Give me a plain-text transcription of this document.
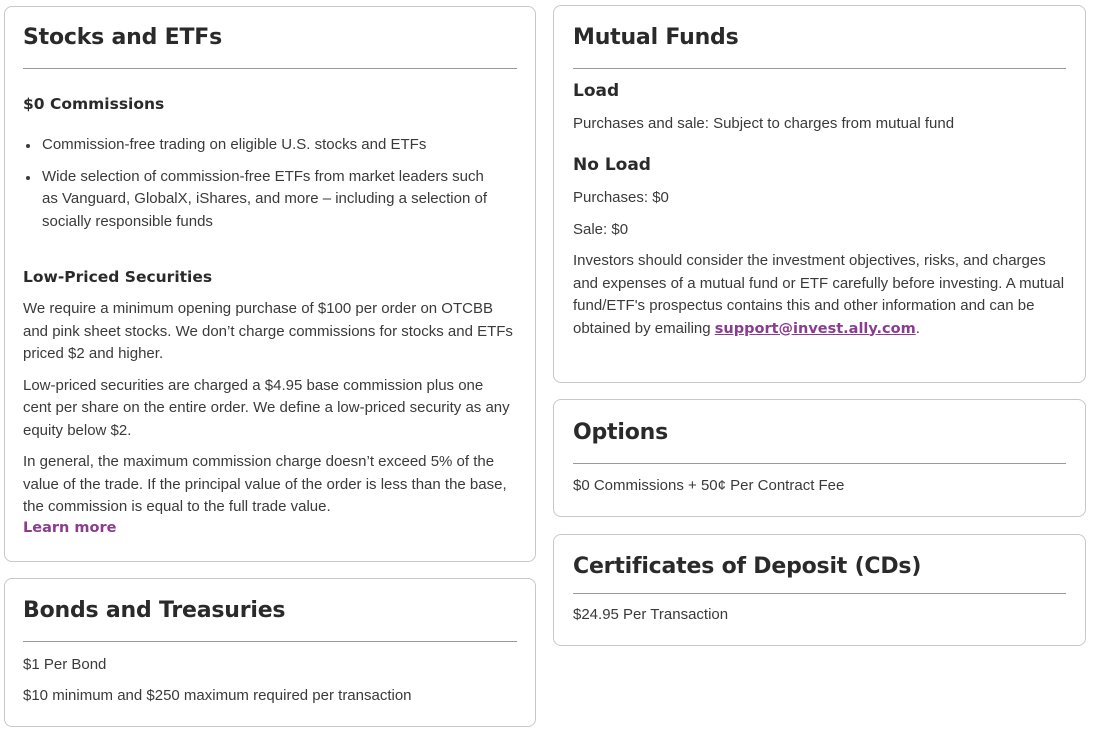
Stocks and ETFs
$0 Commissions
Commission-free trading on eligible U.S. stocks and ETFs
Wide selection of commission-free ETFs from market leaders such as Vanguard, GlobalX, iShares, and more – including a selection of socially responsible funds
Low-Priced Securities

We require a minimum opening purchase of $100 per order on OTCBB and pink sheet stocks. We don’t charge commissions for stocks and ETFs priced $2 and higher.

Low-priced securities are charged a $4.95 base commission plus one cent per share on the entire order. We define a low-priced security as any equity below $2.

In general, the maximum commission charge doesn’t exceed 5% of the value of the trade. If the principal value of the order is less than the base, the commission is equal to the full trade value.

Learn more
Bonds and Treasuries

$1 Per Bond

$10 minimum and $250 maximum required per transaction

Mutual Funds
Load

Purchases and sale: Subject to charges from mutual fund

No Load

Purchases: $0

Sale: $0

Investors should consider the investment objectives, risks, and charges and expenses of a mutual fund or ETF carefully before investing. A mutual fund/ETF's prospectus contains this and other information and can be obtained by emailing support@invest.ally.com.

Options

$0 Commissions + 50¢ Per Contract Fee

Certificates of Deposit (CDs)

$24.95 Per Transaction
